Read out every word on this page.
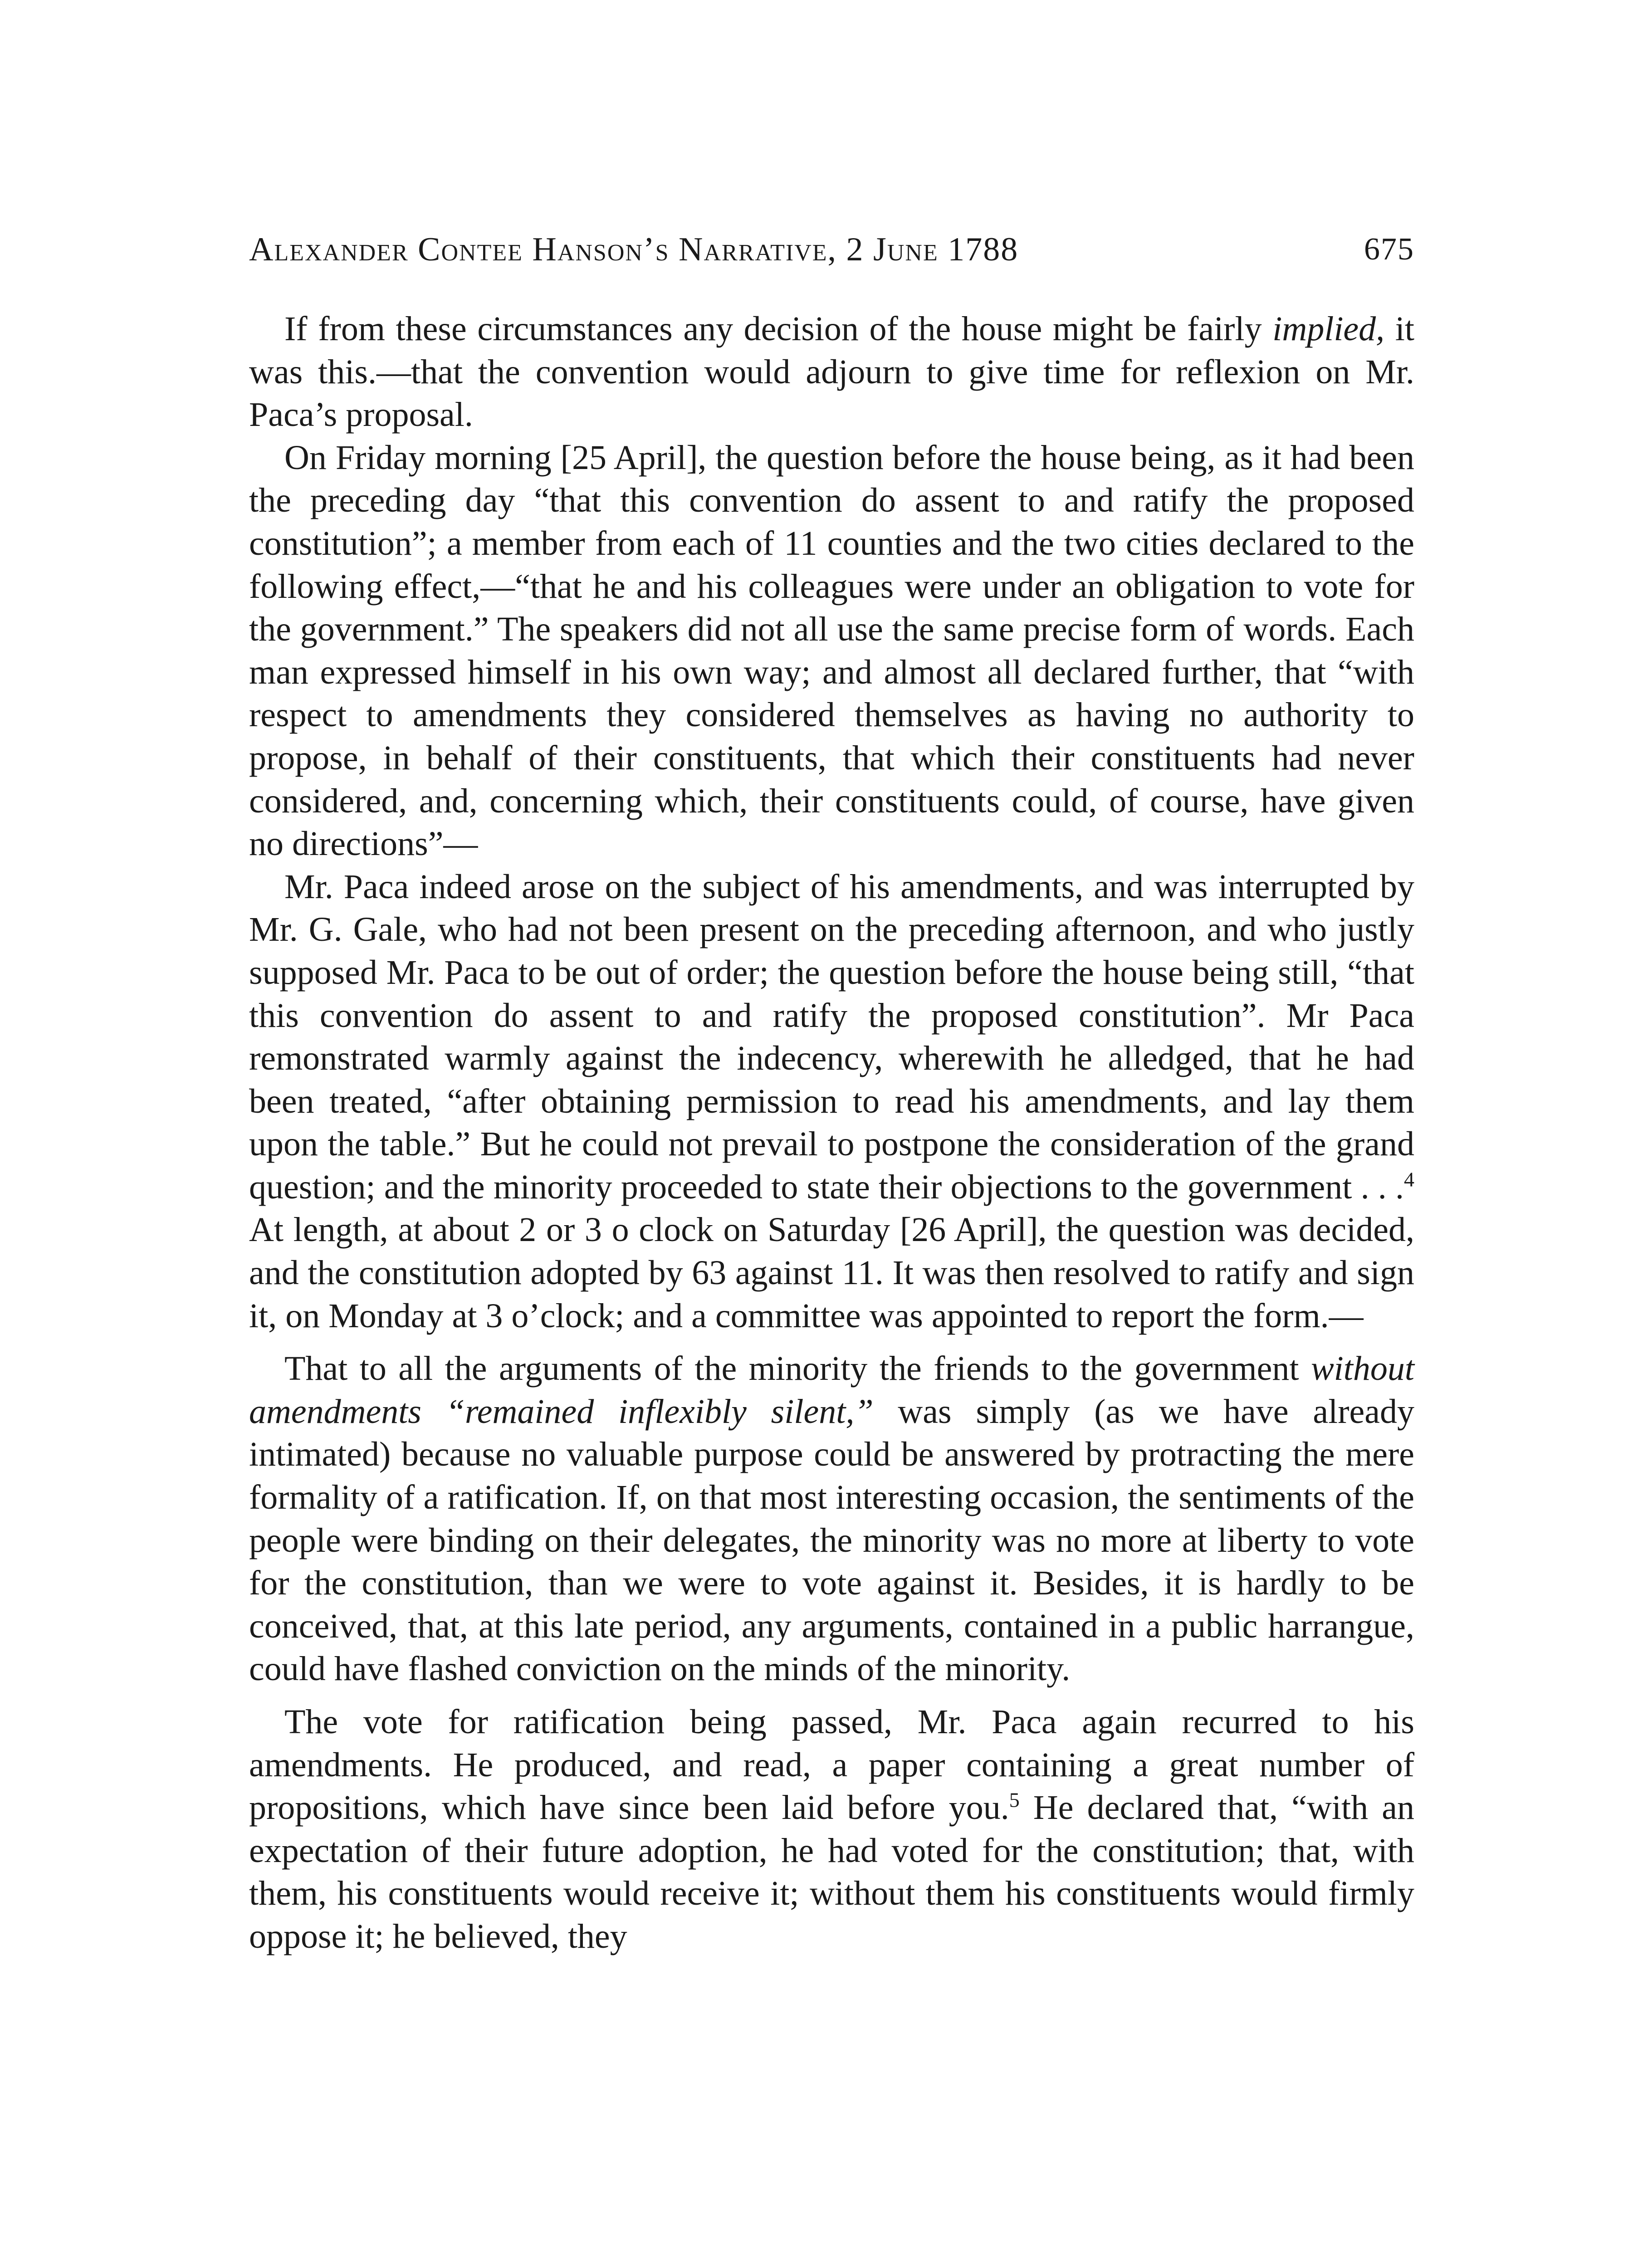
Alexander Contee Hanson’s Narrative, 2 June 1788	675

If from these circumstances any decision of the house might be fairly implied, it was this.—that the convention would adjourn to give time for reflexion on Mr. Paca’s proposal.

On Friday morning [25 April], the question before the house being, as it had been the preceding day “that this convention do assent to and ratify the proposed constitution”; a member from each of 11 counties and the two cities declared to the following effect,—“that he and his colleagues were under an obligation to vote for the government.” The speakers did not all use the same precise form of words. Each man expressed himself in his own way; and almost all declared further, that “with respect to amendments they considered themselves as having no authority to propose, in behalf of their constituents, that which their constituents had never considered, and, concerning which, their constituents could, of course, have given no directions”—

Mr. Paca indeed arose on the subject of his amendments, and was interrupted by Mr. G. Gale, who had not been present on the preceding afternoon, and who justly supposed Mr. Paca to be out of order; the question before the house being still, “that this convention do assent to and ratify the proposed constitution”. Mr Paca remonstrated warmly against the indecency, wherewith he alledged, that he had been treated, “after obtaining permission to read his amendments, and lay them upon the table.” But he could not prevail to postpone the consideration of the grand question; and the minority proceeded to state their objections to the government . . .$^4$ At length, at about 2 or 3 o clock on Saturday [26 April], the question was decided, and the constitution adopted by 63 against 11. It was then resolved to ratify and sign it, on Monday at 3 o’clock; and a committee was appointed to report the form.—

That to all the arguments of the minority the friends to the government without amendments “remained inflexibly silent,” was simply (as we have already intimated) because no valuable purpose could be answered by protracting the mere formality of a ratification. If, on that most interesting occasion, the sentiments of the people were binding on their delegates, the minority was no more at liberty to vote for the constitution, than we were to vote against it. Besides, it is hardly to be conceived, that, at this late period, any arguments, contained in a public harrangue, could have flashed conviction on the minds of the minority.

The vote for ratification being passed, Mr. Paca again recurred to his amendments. He produced, and read, a paper containing a great number of propositions, which have since been laid before you.$^5$ He declared that, “with an expectation of their future adoption, he had voted for the constitution; that, with them, his constituents would receive it; without them his constituents would firmly oppose it; he believed, they
